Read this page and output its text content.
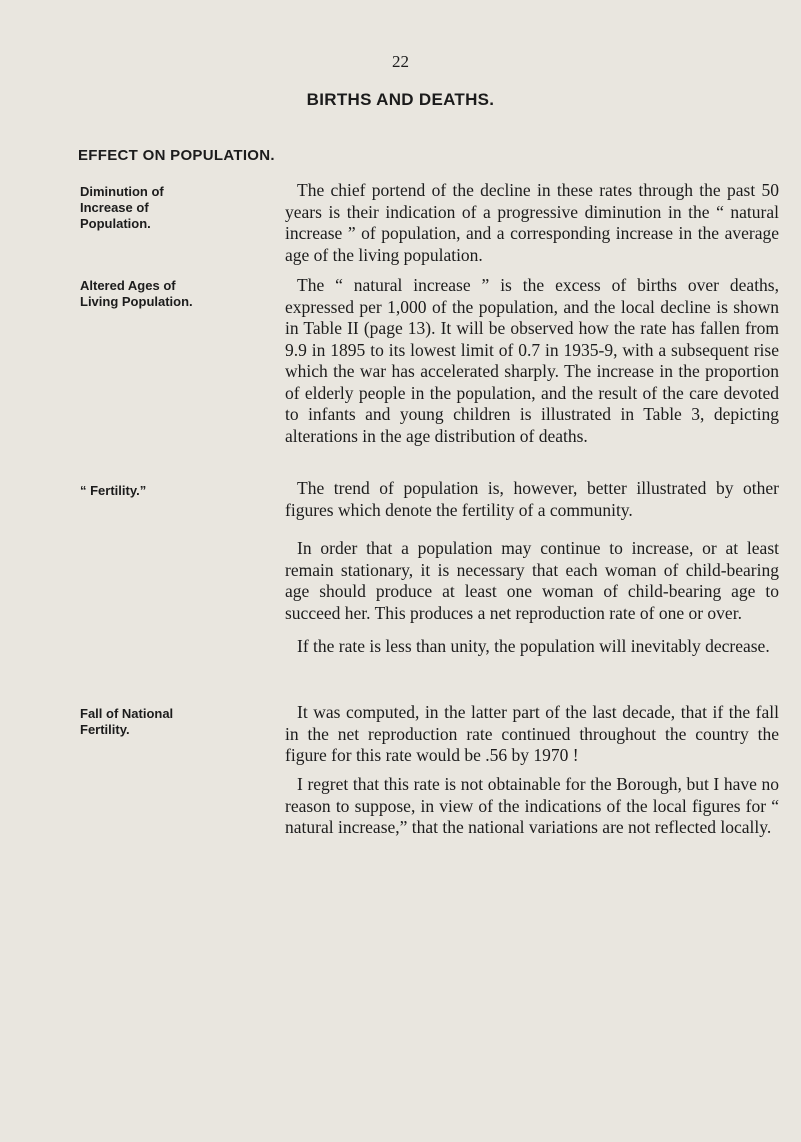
22
BIRTHS AND DEATHS.
EFFECT ON POPULATION.
Diminution of Increase of Population.

The chief portend of the decline in these rates through the past 50 years is their indication of a progressive diminution in the “ natural increase ” of population, and a corresponding increase in the average age of the living population.

Altered Ages of Living Population.

The “ natural increase ” is the excess of births over deaths, expressed per 1,000 of the population, and the local decline is shown in Table II (page 13). It will be observed how the rate has fallen from 9.9 in 1895 to its lowest limit of 0.7 in 1935-9, with a subsequent rise which the war has accelerated sharply. The increase in the proportion of elderly people in the population, and the result of the care devoted to infants and young children is illustrated in Table 3, depicting alterations in the age distribution of deaths.

“ Fertility.”	The trend of population is, however, better illustrated by other figures which denote the fertility of a community.

In order that a population may continue to increase, or at least remain stationary, it is necessary that each woman of child-bearing age should produce at least one woman of child-bearing age to succeed her. This produces a net reproduction rate of one or over.

If the rate is less than unity, the population will inevitably decrease.

Fall of National Fertility.

It was computed, in the latter part of the last decade, that if the fall in the net reproduction rate continued throughout the country the figure for this rate would be .56 by 1970 !

I regret that this rate is not obtainable for the Borough, but I have no reason to suppose, in view of the indications of the local figures for “ natural increase,” that the national variations are not reflected locally.
